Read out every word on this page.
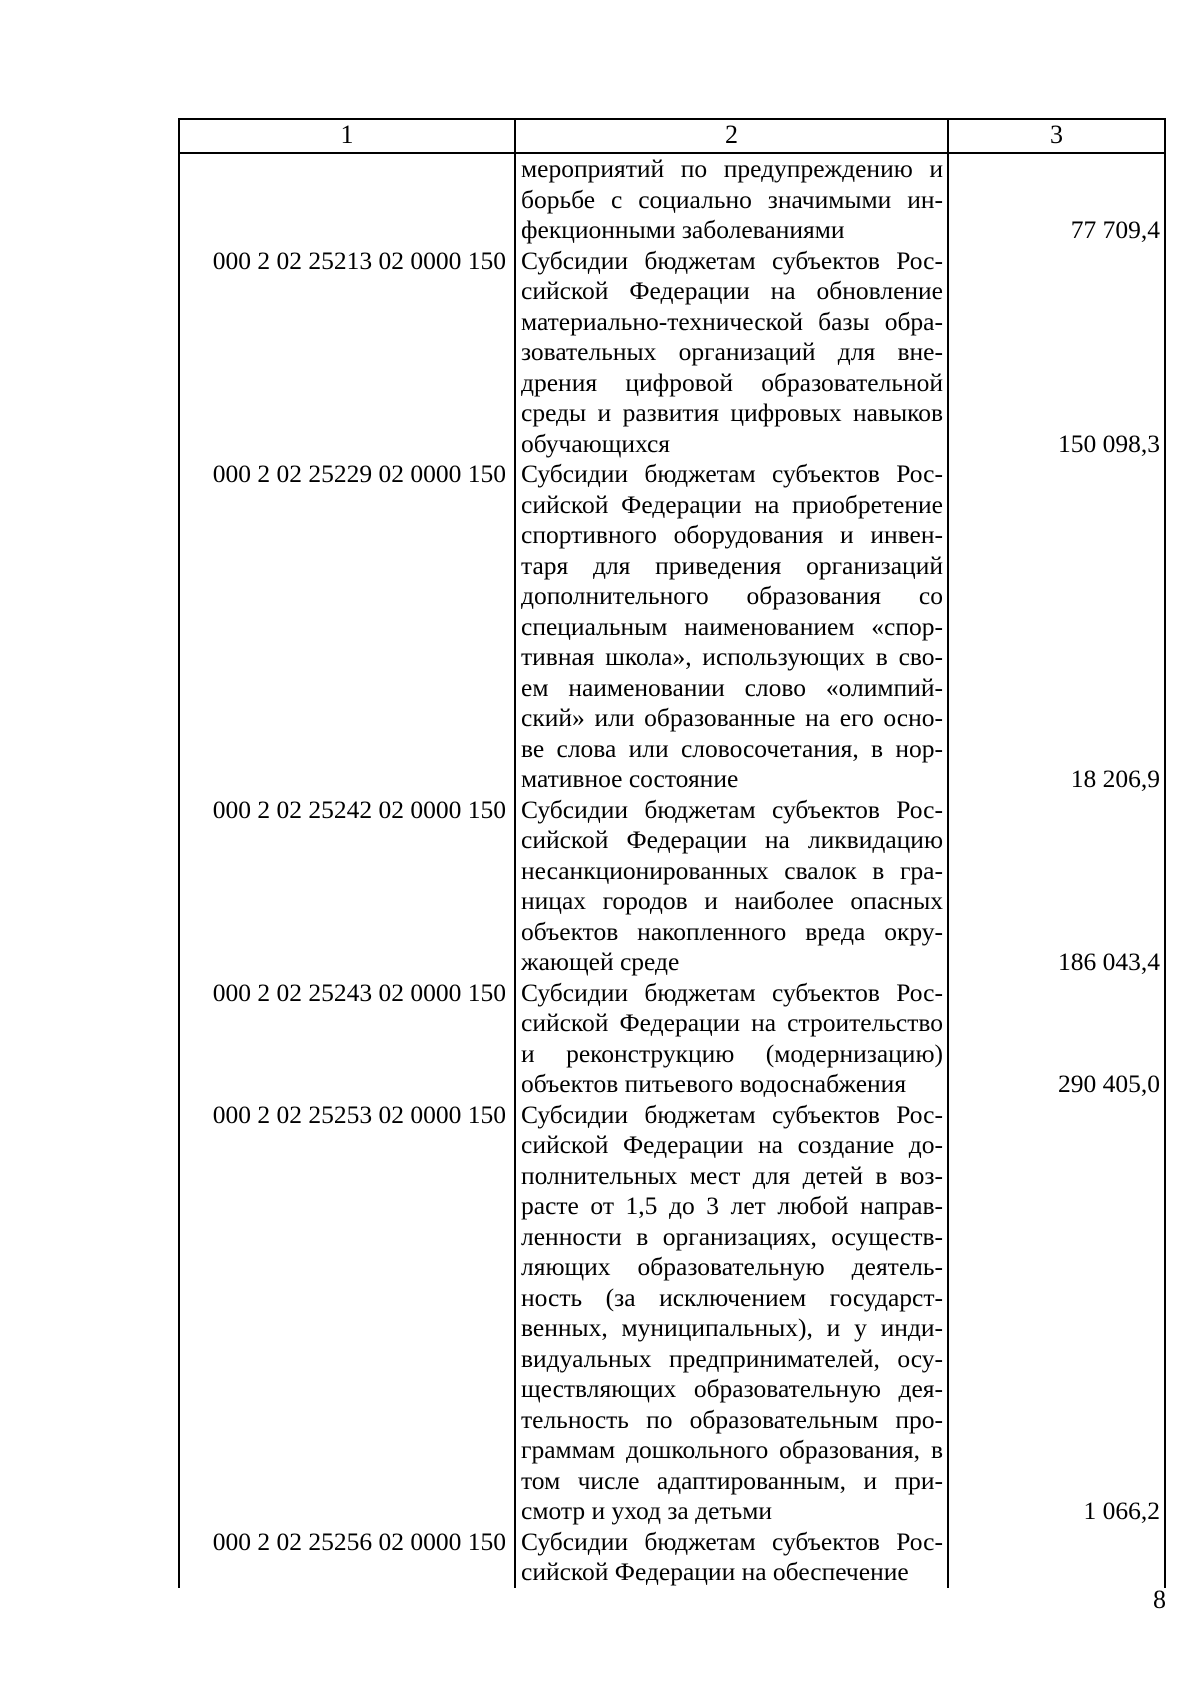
1	2	3
мероприятий по предупреждению и
борьбе с социально значимыми ин-
фекционными заболеваниями	77 709,4
000 2 02 25213 02 0000 150 Субсидии бюджетам субъектов Рос-
сийской Федерации на обновление
материально-технической базы обра-
зовательных организаций для вне-
дрения цифровой образовательной
среды и развития цифровых навыков
обучающихся	150 098,3
000 2 02 25229 02 0000 150 Субсидии бюджетам субъектов Рос-
сийской Федерации на приобретение
спортивного оборудования и инвен-
таря для приведения организаций
дополнительного образования со
специальным наименованием «спор-
тивная школа», использующих в сво-
ем наименовании слово «олимпий-
ский» или образованные на его осно-
ве слова или словосочетания, в нор-
мативное состояние	18 206,9
000 2 02 25242 02 0000 150 Субсидии бюджетам субъектов Рос-
сийской Федерации на ликвидацию
несанкционированных свалок в гра-
ницах городов и наиболее опасных
объектов накопленного вреда окру-
жающей среде	186 043,4
000 2 02 25243 02 0000 150 Субсидии бюджетам субъектов Рос-
сийской Федерации на строительство
и реконструкцию (модернизацию)
объектов питьевого водоснабжения	290 405,0
000 2 02 25253 02 0000 150 Субсидии бюджетам субъектов Рос-
сийской Федерации на создание до-
полнительных мест для детей в воз-
расте от 1,5 до 3 лет любой направ-
ленности в организациях, осуществ-
ляющих образовательную деятель-
ность (за исключением государст-
венных, муниципальных), и у инди-
видуальных предпринимателей, осу-
ществляющих образовательную дея-
тельность по образовательным про-
граммам дошкольного образования, в
том числе адаптированным, и при-
смотр и уход за детьми	1 066,2
000 2 02 25256 02 0000 150 Субсидии бюджетам субъектов Рос-
сийской Федерации на обеспечение
8
